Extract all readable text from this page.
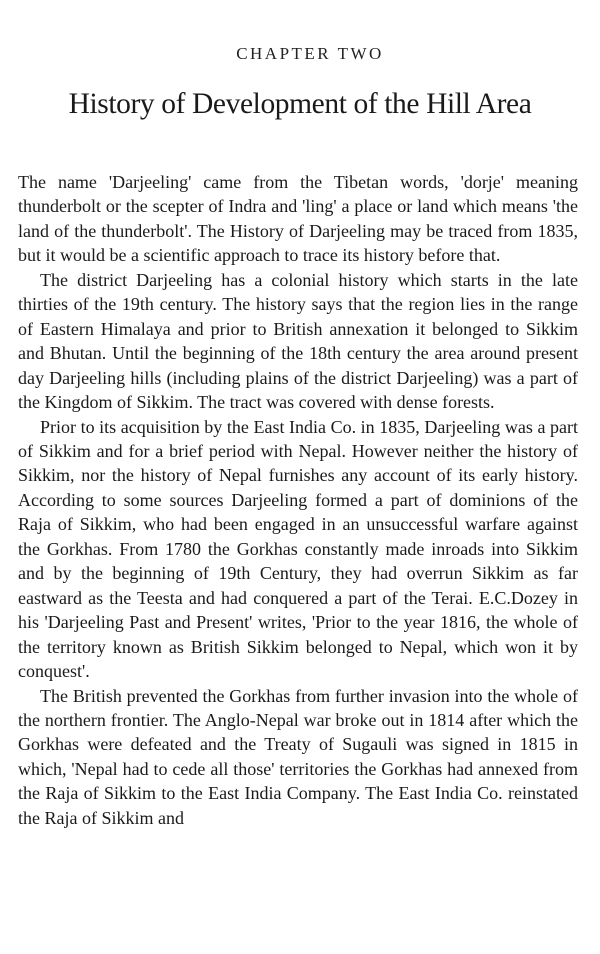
CHAPTER TWO
History of Development of the Hill Area

The name 'Darjeeling' came from the Tibetan words, 'dorje' meaning thunderbolt or the scepter of Indra and 'ling' a place or land which means 'the land of the thunderbolt'. The History of Darjeeling may be traced from 1835, but it would be a scientific approach to trace its history before that.

The district Darjeeling has a colonial history which starts in the late thirties of the 19th century. The history says that the region lies in the range of Eastern Himalaya and prior to British annexation it belonged to Sikkim and Bhutan. Until the beginning of the 18th century the area around present day Darjeeling hills (including plains of the district Darjeeling) was a part of the Kingdom of Sikkim. The tract was covered with dense forests.

Prior to its acquisition by the East India Co. in 1835, Darjeeling was a part of Sikkim and for a brief period with Nepal. However neither the history of Sikkim, nor the history of Nepal furnishes any account of its early history. According to some sources Darjeeling formed a part of dominions of the Raja of Sikkim, who had been engaged in an unsuccessful warfare against the Gorkhas. From 1780 the Gorkhas constantly made inroads into Sikkim and by the beginning of 19th Century, they had overrun Sikkim as far eastward as the Teesta and had conquered a part of the Terai. E.C.Dozey in his 'Darjeeling Past and Present' writes, 'Prior to the year 1816, the whole of the territory known as British Sikkim belonged to Nepal, which won it by conquest'.

The British prevented the Gorkhas from further invasion into the whole of the northern frontier. The Anglo-Nepal war broke out in 1814 after which the Gorkhas were defeated and the Treaty of Sugauli was signed in 1815 in which, 'Nepal had to cede all those' territories the Gorkhas had annexed from the Raja of Sikkim to the East India Company. The East India Co. reinstated the Raja of Sikkim and
